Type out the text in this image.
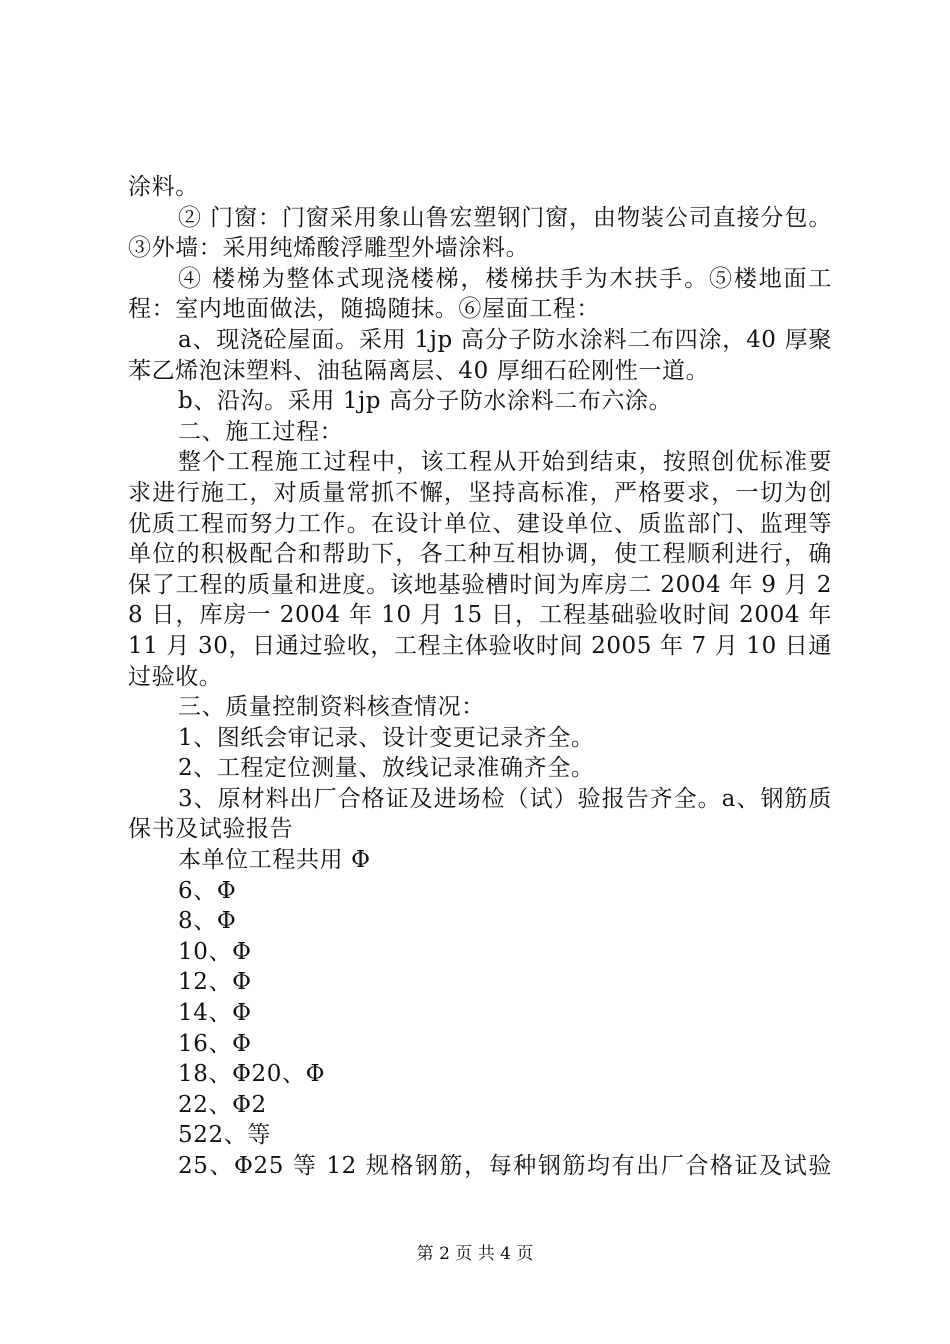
涂料。

② 门窗：门窗采用象山鲁宏塑钢门窗，由物装公司直接分包。③外墙：采用纯烯酸浮雕型外墙涂料。

④ 楼梯为整体式现浇楼梯，楼梯扶手为木扶手。⑤楼地面工程：室内地面做法，随捣随抹。⑥屋面工程：

a、现浇砼屋面。采用 1jp 高分子防水涂料二布四涂，40 厚聚苯乙烯泡沫塑料、油毡隔离层、40 厚细石砼刚性一道。

b、沿沟。采用 1jp 高分子防水涂料二布六涂。

二、施工过程：

整个工程施工过程中，该工程从开始到结束，按照创优标准要求进行施工，对质量常抓不懈，坚持高标准，严格要求，一切为创优质工程而努力工作。在设计单位、建设单位、质监部门、监理等单位的积极配合和帮助下，各工种互相协调，使工程顺利进行，确保了工程的质量和进度。该地基验槽时间为库房二 2004 年 9 月 28 日，库房一 2004 年 10 月 15 日，工程基础验收时间 2004 年 11 月 30，日通过验收，工程主体验收时间 2005 年 7 月 10 日通过验收。

三、质量控制资料核查情况：

1、图纸会审记录、设计变更记录齐全。

2、工程定位测量、放线记录准确齐全。

3、原材料出厂合格证及进场检（试）验报告齐全。a、钢筋质保书及试验报告

本单位工程共用 Φ

6、Φ

8、Φ

10、Φ

12、Φ

14、Φ

16、Φ

18、Φ20、Φ

22、Φ2

522、等

25、Φ25 等 12 规格钢筋，每种钢筋均有出厂合格证及试验

第 2 页 共 4 页
